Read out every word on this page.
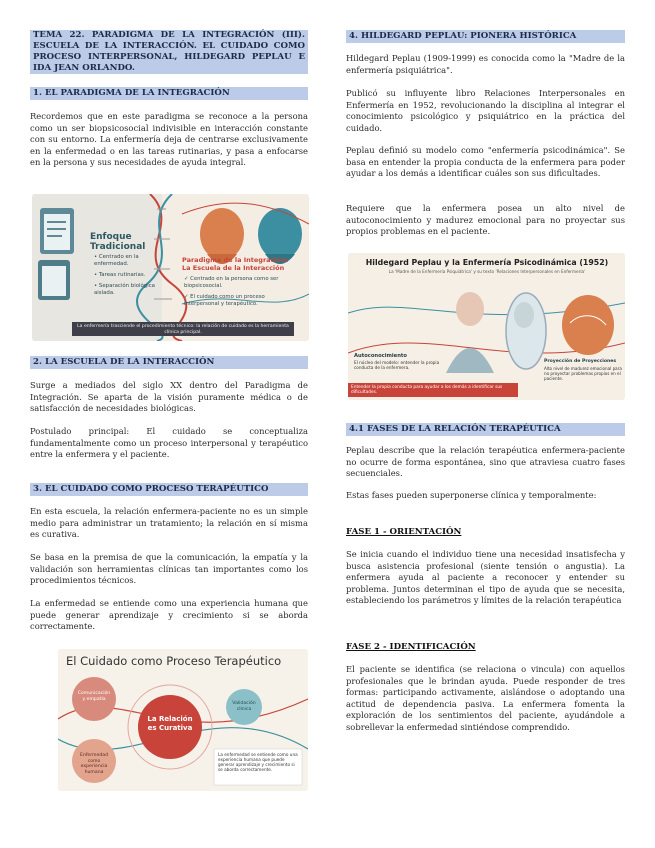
TEMA 22. PARADIGMA DE LA INTEGRACIÓN (III). ESCUELA DE LA INTERACCIÓN. EL CUIDADO COMO PROCESO INTERPERSONAL, HILDEGARD PEPLAU E IDA JEAN ORLANDO.
1. EL PARADIGMA DE LA INTEGRACIÓN

Recordemos que en este paradigma se reconoce a la persona como un ser biopsicosocial indivisible en interacción constante con su entorno. La enfermería deja de centrarse exclusivamente en la enfermedad o en las tareas rutinarias, y pasa a enfocarse en la persona y sus necesidades de ayuda integral.

Enfoque Tradicional
• Centrado en la enfermedad.
• Tareas rutinarias.
• Separación biológica aislada.
Paradigma de la Integración: La Escuela de la Interacción
✓ Centrado en la persona como ser biopsicosocial.
✓ El cuidado como un proceso interpersonal y terapéutico.
La enfermería trasciende el procedimiento técnico: la relación de cuidado es la herramienta clínica principal.
2. LA ESCUELA DE LA INTERACCIÓN

Surge a mediados del siglo XX dentro del Paradigma de Integración. Se aparta de la visión puramente médica o de satisfacción de necesidades biológicas.

Postulado principal: El cuidado se conceptualiza fundamentalmente como un proceso interpersonal y terapéutico entre la enfermera y el paciente.

3. EL CUIDADO COMO PROCESO TERAPÉUTICO

En esta escuela, la relación enfermera-paciente no es un simple medio para administrar un tratamiento; la relación en sí misma es curativa.

Se basa en la premisa de que la comunicación, la empatía y la validación son herramientas clínicas tan importantes como los procedimientos técnicos.

La enfermedad se entiende como una experiencia humana que puede generar aprendizaje y crecimiento si se aborda correctamente.

El Cuidado como Proceso Terapéutico
La Relación es Curativa
Comunicación y empatía
Validación clínica
Enfermedad como experiencia humana
La enfermedad se entiende como una experiencia humana que puede generar aprendizaje y crecimiento si se aborda correctamente.
4. HILDEGARD PEPLAU: PIONERA HISTÓRICA

Hildegard Peplau (1909-1999) es conocida como la "Madre de la enfermería psiquiátrica".

Publicó su influyente libro Relaciones Interpersonales en Enfermería en 1952, revolucionando la disciplina al integrar el conocimiento psicológico y psiquiátrico en la práctica del cuidado.

Peplau definió su modelo como "enfermería psicodinámica". Se basa en entender la propia conducta de la enfermera para poder ayudar a los demás a identificar cuáles son sus dificultades.

Requiere que la enfermera posea un alto nivel de autoconocimiento y madurez emocional para no proyectar sus propios problemas en el paciente.

Hildegard Peplau y la Enfermería Psicodinámica (1952)
La 'Madre de la Enfermería Psiquiátrica' y su texto 'Relaciones Interpersonales en Enfermería'
Autoconocimiento
El núcleo del modelo: entender la propia conducta de la enfermera.
Proyección de Proyecciones
Alto nivel de madurez emocional para no proyectar problemas propios en el paciente.
Entender la propia conducta para ayudar a los demás a identificar sus dificultades.
4.1 FASES DE LA RELACIÓN TERAPÉUTICA

Peplau describe que la relación terapéutica enfermera-paciente no ocurre de forma espontánea, sino que atraviesa cuatro fases secuenciales.

Estas fases pueden superponerse clínica y temporalmente:

FASE 1 - ORIENTACIÓN

Se inicia cuando el individuo tiene una necesidad insatisfecha y busca asistencia profesional (siente tensión o angustia). La enfermera ayuda al paciente a reconocer y entender su problema. Juntos determinan el tipo de ayuda que se necesita, estableciendo los parámetros y límites de la relación terapéutica

FASE 2 - IDENTIFICACIÓN

El paciente se identifica (se relaciona o vincula) con aquellos profesionales que le brindan ayuda. Puede responder de tres formas: participando activamente, aislándose o adoptando una actitud de dependencia pasiva. La enfermera fomenta la exploración de los sentimientos del paciente, ayudándole a sobrellevar la enfermedad sintiéndose comprendido.
